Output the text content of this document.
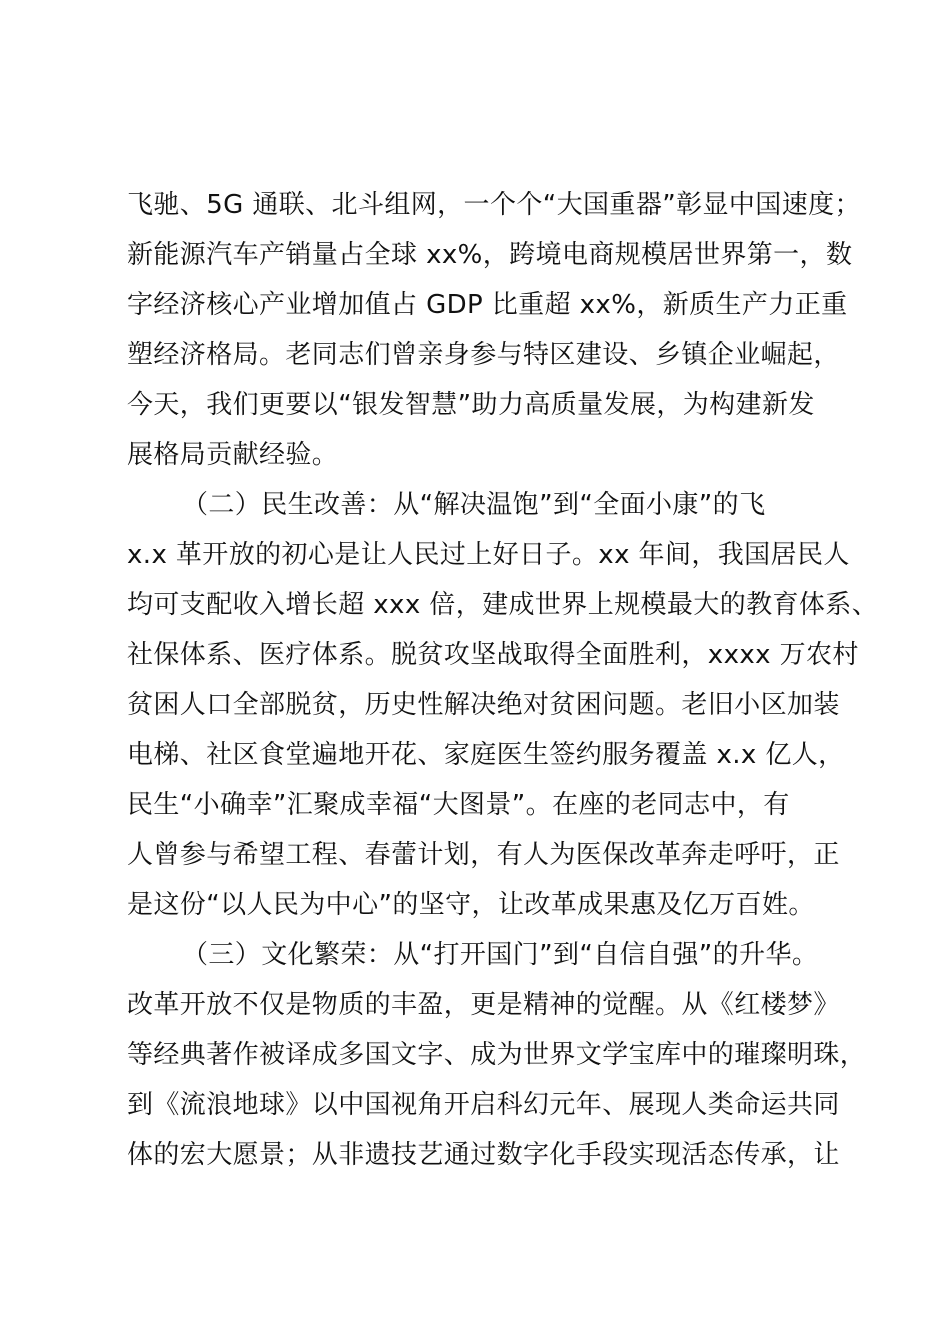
飞驰、5G 通联、北斗组网，一个个“大国重器”彰显中国速度；
新能源汽车产销量占全球 xx%，跨境电商规模居世界第一，数
字经济核心产业增加值占 GDP 比重超 xx%，新质生产力正重
塑经济格局。老同志们曾亲身参与特区建设、乡镇企业崛起，
今天，我们更要以“银发智慧”助力高质量发展，为构建新发
展格局贡献经验。
（二）民生改善：从“解决温饱”到“全面小康”的飞
x.x 革开放的初心是让人民过上好日子。xx 年间，我国居民人
均可支配收入增长超 xxx 倍，建成世界上规模最大的教育体系、
社保体系、医疗体系。脱贫攻坚战取得全面胜利，xxxx 万农村
贫困人口全部脱贫，历史性解决绝对贫困问题。老旧小区加装
电梯、社区食堂遍地开花、家庭医生签约服务覆盖 x.x 亿人，
民生“小确幸”汇聚成幸福“大图景”。在座的老同志中，有
人曾参与希望工程、春蕾计划，有人为医保改革奔走呼吁，正
是这份“以人民为中心”的坚守，让改革成果惠及亿万百姓。
（三）文化繁荣：从“打开国门”到“自信自强”的升华。
改革开放不仅是物质的丰盈，更是精神的觉醒。从《红楼梦》
等经典著作被译成多国文字、成为世界文学宝库中的璀璨明珠，
到《流浪地球》以中国视角开启科幻元年、展现人类命运共同
体的宏大愿景；从非遗技艺通过数字化手段实现活态传承，让
